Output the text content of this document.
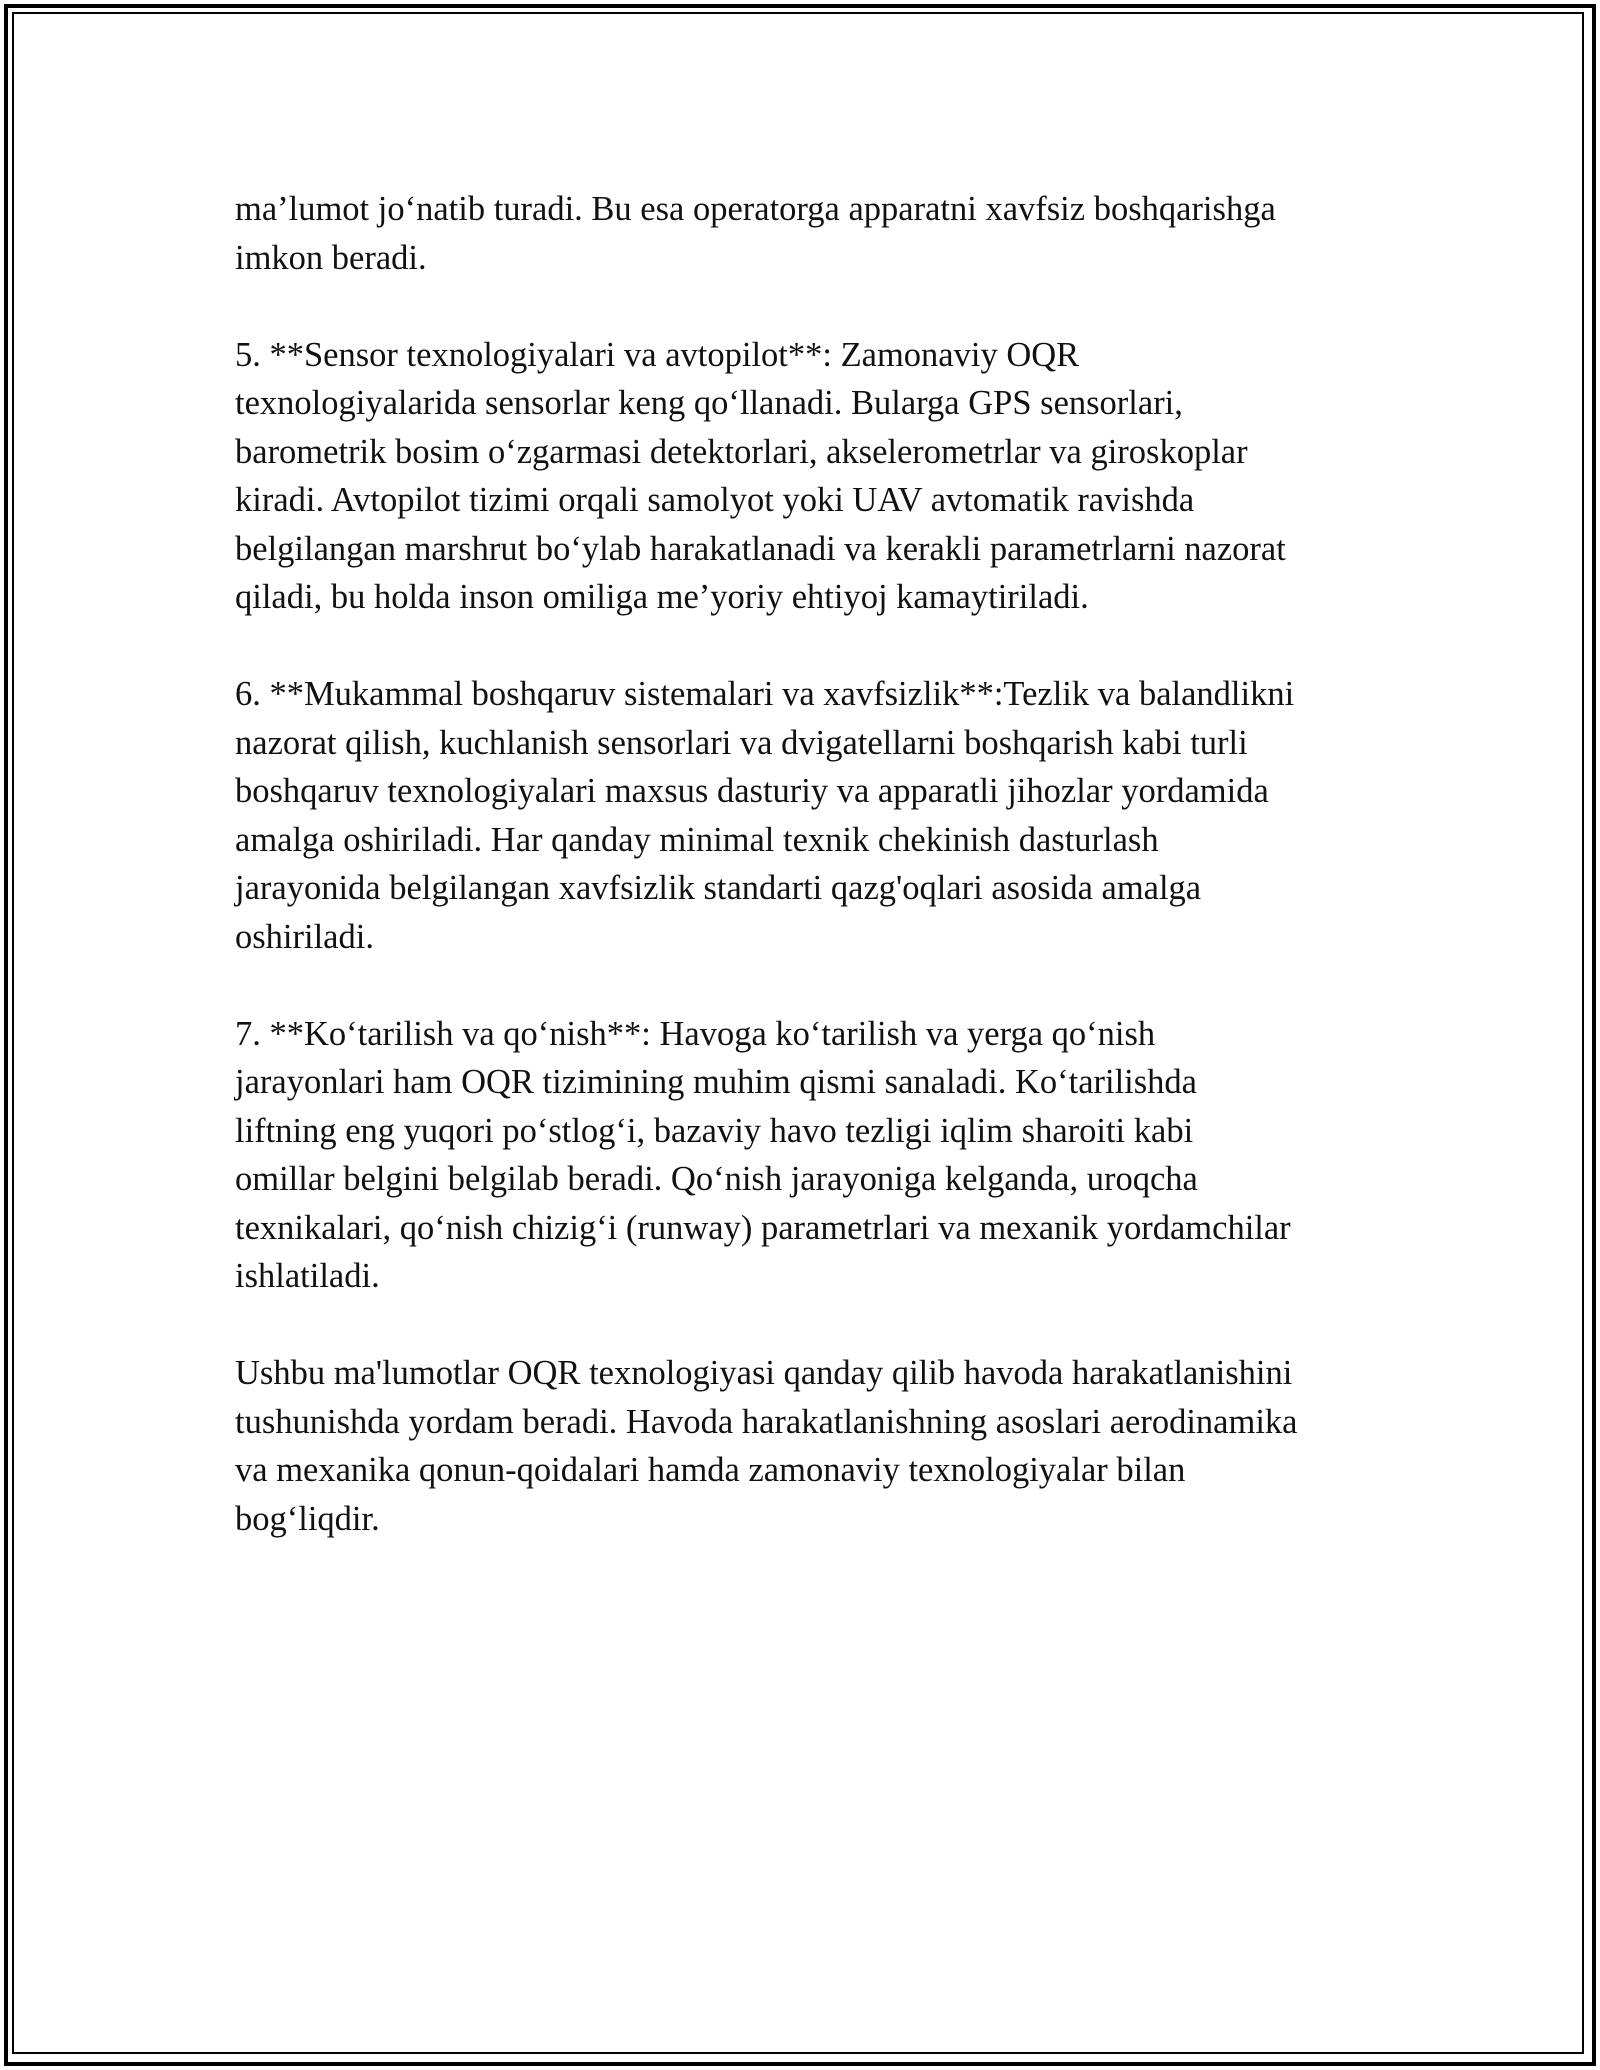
ma’lumot jo‘natib turadi. Bu esa operatorga apparatni xavfsiz boshqarishga
imkon beradi.

5. **Sensor texnologiyalari va avtopilot**: Zamonaviy OQR
texnologiyalarida sensorlar keng qo‘llanadi. Bularga GPS sensorlari,
barometrik bosim o‘zgarmasi detektorlari, akselerometrlar va giroskoplar
kiradi. Avtopilot tizimi orqali samolyot yoki UAV avtomatik ravishda
belgilangan marshrut bo‘ylab harakatlanadi va kerakli parametrlarni nazorat
qiladi, bu holda inson omiliga me’yoriy ehtiyoj kamaytiriladi.

6. **Mukammal boshqaruv sistemalari va xavfsizlik**:Tezlik va balandlikni
nazorat qilish, kuchlanish sensorlari va dvigatellarni boshqarish kabi turli
boshqaruv texnologiyalari maxsus dasturiy va apparatli jihozlar yordamida
amalga oshiriladi. Har qanday minimal texnik chekinish dasturlash
jarayonida belgilangan xavfsizlik standarti qazg'oqlari asosida amalga
oshiriladi.

7. **Ko‘tarilish va qo‘nish**: Havoga ko‘tarilish va yerga qo‘nish
jarayonlari ham OQR tizimining muhim qismi sanaladi. Ko‘tarilishda
liftning eng yuqori po‘stlog‘i, bazaviy havo tezligi iqlim sharoiti kabi
omillar belgini belgilab beradi. Qo‘nish jarayoniga kelganda, uroqcha
texnikalari, qo‘nish chizig‘i (runway) parametrlari va mexanik yordamchilar
ishlatiladi.

Ushbu ma'lumotlar OQR texnologiyasi qanday qilib havoda harakatlanishini
tushunishda yordam beradi. Havoda harakatlanishning asoslari aerodinamika
va mexanika qonun-qoidalari hamda zamonaviy texnologiyalar bilan
bog‘liqdir.
